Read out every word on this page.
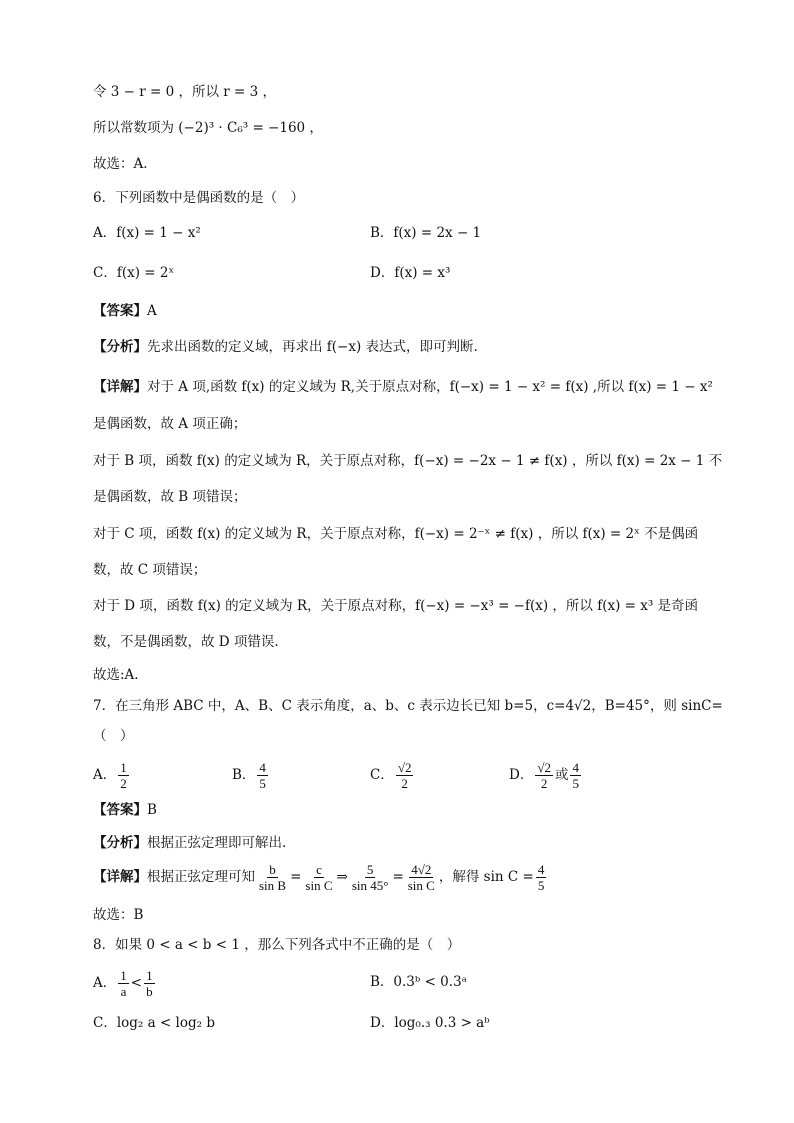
令 3 − r = 0 ，所以 r = 3 ，
所以常数项为 (−2)³ · C₆³ = −160 ，
故选：A.
6．下列函数中是偶函数的是（　）
A．f(x) = 1 − x²	B．f(x) = 2x − 1
C．f(x) = 2ˣ	D．f(x) = x³
【答案】A
【分析】先求出函数的定义域，再求出 f(−x) 表达式，即可判断.
【详解】对于 A 项,函数 f(x) 的定义域为 R,关于原点对称，f(−x) = 1 − x² = f(x) ,所以 f(x) = 1 − x²
是偶函数，故 A 项正确；
对于 B 项，函数 f(x) 的定义域为 R，关于原点对称，f(−x) = −2x − 1 ≠ f(x) ，所以 f(x) = 2x − 1 不
是偶函数，故 B 项错误；
对于 C 项，函数 f(x) 的定义域为 R，关于原点对称，f(−x) = 2⁻ˣ ≠ f(x) ，所以 f(x) = 2ˣ 不是偶函
数，故 C 项错误；
对于 D 项，函数 f(x) 的定义域为 R，关于原点对称，f(−x) = −x³ = −f(x) ，所以 f(x) = x³ 是奇函
数，不是偶函数，故 D 项错误.
故选:A.
7．在三角形 ABC 中，A、B、C 表示角度，a、b、c 表示边长已知 b=5，c=4√2，B=45°，则 sinC=
（　）
A． $\frac{1}{2}$	B． $\frac{4}{5}$	C． $\frac{√2}{2}$	D． $\frac{√2}{2}$ 或 $\frac{4}{5}$
【答案】B
【分析】根据正弦定理即可解出.
【详解】根据正弦定理可知 $\frac{b}{\text{sin B}} = \frac{c}{\text{sin C}}$ ⇒ $\frac{5}{\sin 45^\circ} = \frac{4√2}{\text{sin C}}$ ，解得 $\sin C = \frac{4}{5}$
故选：B
8．如果 0 < a < b < 1 ，那么下列各式中不正确的是（　）
A． $\frac{1}{a} < \frac{1}{b}$	B．0.3ᵇ < 0.3ᵃ
C．log₂ a < log₂ b	D．log₀.₃ 0.3 > aᵇ
